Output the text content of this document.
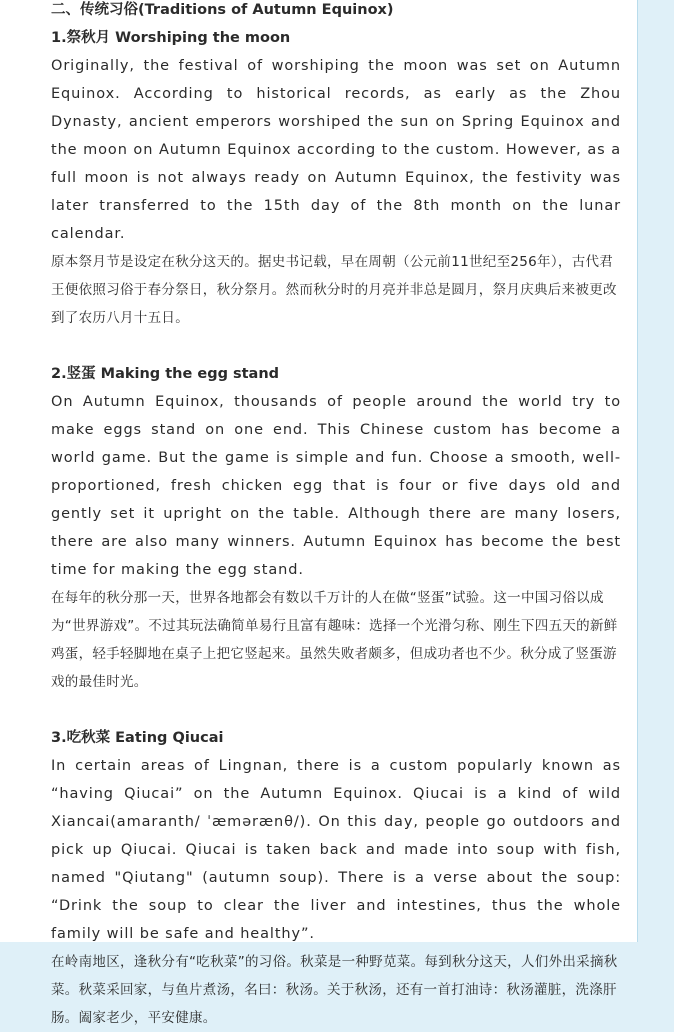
二、传统习俗(Traditions of Autumn Equinox)
1.祭秋月 Worshiping the moon

Originally, the festival of worshiping the moon was set on Autumn Equinox. According to historical records, as early as the Zhou Dynasty, ancient emperors worshiped the sun on Spring Equinox and the moon on Autumn Equinox according to the custom. However, as a full moon is not always ready on Autumn Equinox, the festivity was later transferred to the 15th day of the 8th month on the lunar calendar.

原本祭月节是设定在秋分这天的。据史书记载，早在周朝（公元前11世纪至256年），古代君王便依照习俗于春分祭日，秋分祭月。然而秋分时的月亮并非总是圆月，祭月庆典后来被更改到了农历八月十五日。

2.竖蛋 Making the egg stand

On Autumn Equinox, thousands of people around the world try to make eggs stand on one end. This Chinese custom has become a world game. But the game is simple and fun. Choose a smooth, well-proportioned, fresh chicken egg that is four or five days old and gently set it upright on the table. Although there are many losers, there are also many winners. Autumn Equinox has become the best time for making the egg stand.

在每年的秋分那一天，世界各地都会有数以千万计的人在做“竖蛋”试验。这一中国习俗以成为“世界游戏”。不过其玩法确简单易行且富有趣味：选择一个光滑匀称、刚生下四五天的新鲜鸡蛋，轻手轻脚地在桌子上把它竖起来。虽然失败者颇多，但成功者也不少。秋分成了竖蛋游戏的最佳时光。

3.吃秋菜 Eating Qiucai

In certain areas of Lingnan, there is a custom popularly known as “having Qiucai” on the Autumn Equinox. Qiucai is a kind of wild Xiancai(amaranth/ ˈæmərænθ/). On this day, people go outdoors and pick up Qiucai. Qiucai is taken back and made into soup with fish, named "Qiutang" (autumn soup). There is a verse about the soup: “Drink the soup to clear the liver and intestines, thus the whole family will be safe and healthy”.

在岭南地区，逢秋分有“吃秋菜”的习俗。秋菜是一种野苋菜。每到秋分这天，人们外出采摘秋菜。秋菜采回家，与鱼片煮汤，名曰：秋汤。关于秋汤，还有一首打油诗：秋汤灌脏，洗涤肝肠。阖家老少，平安健康。
